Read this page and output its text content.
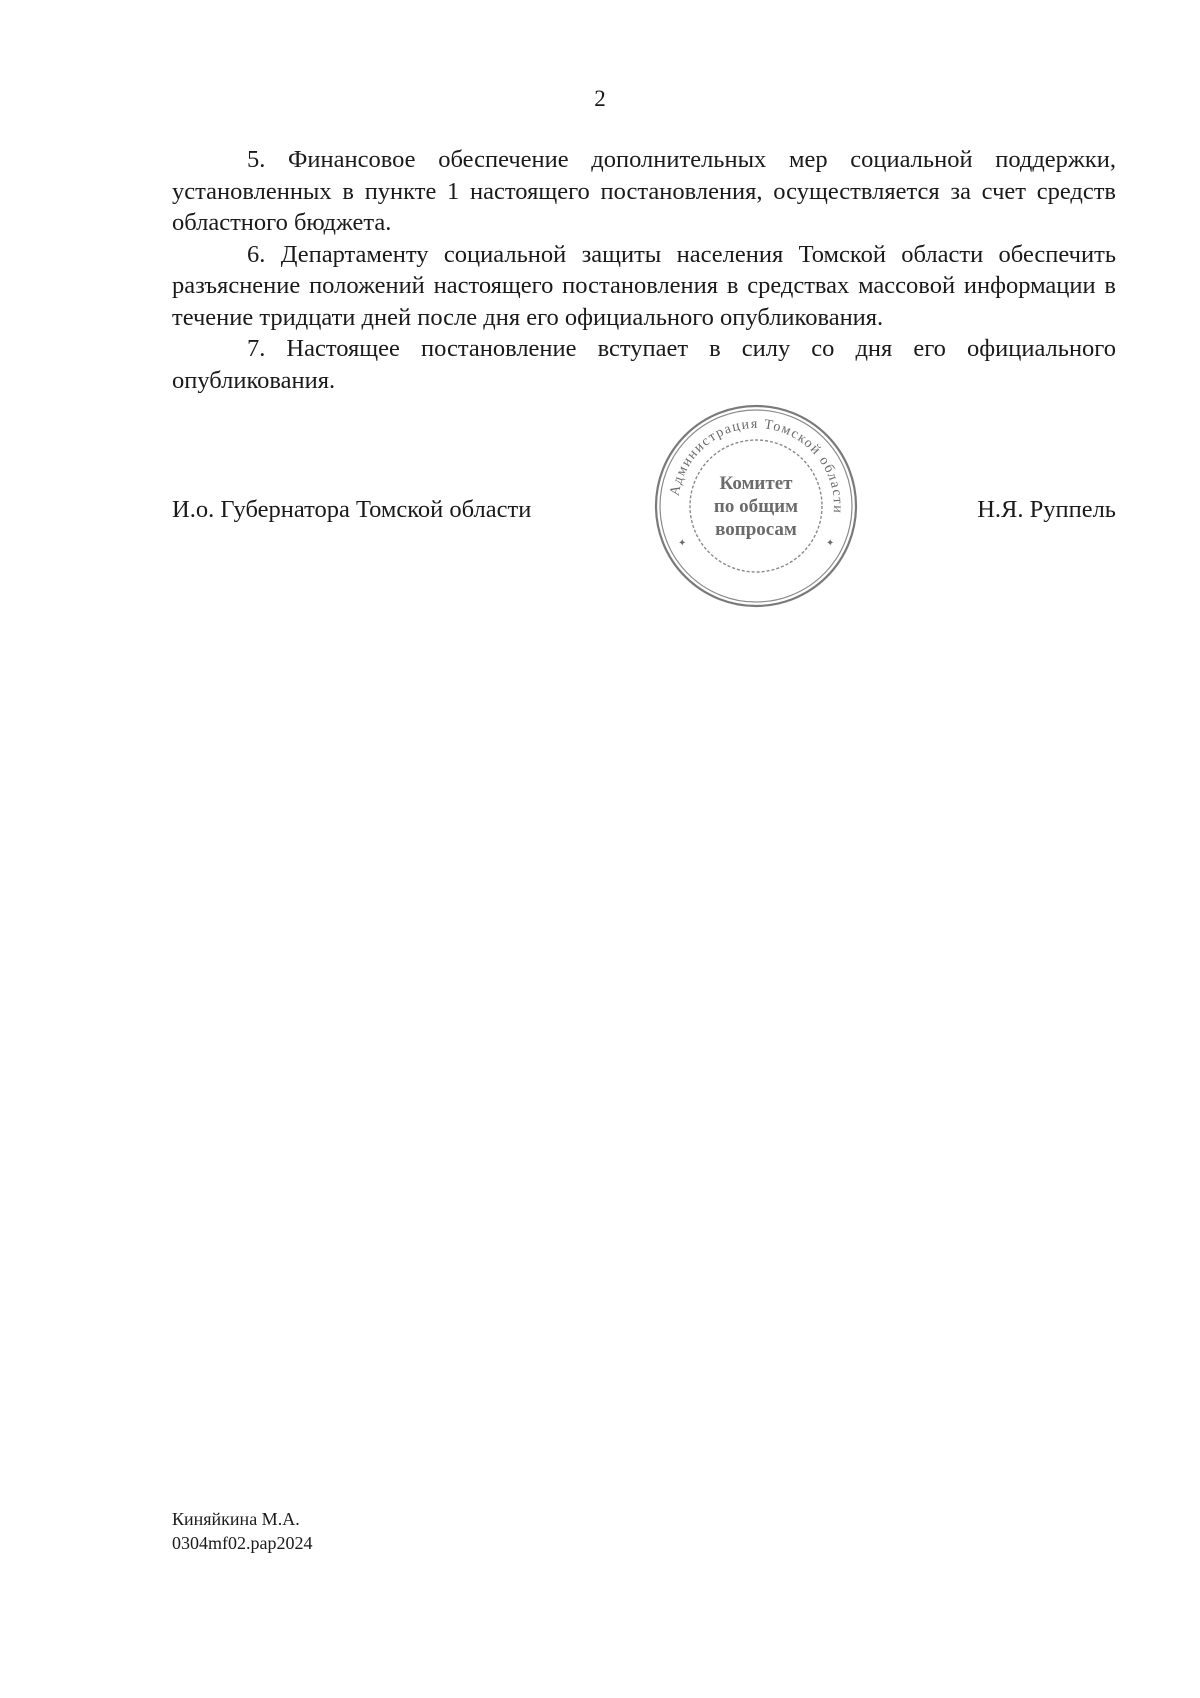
2

5. Финансовое обеспечение дополнительных мер социальной поддержки, установленных в пункте 1 настоящего постановления, осуществляется за счет средств областного бюджета.

6. Департаменту социальной защиты населения Томской области обеспечить разъяснение положений настоящего постановления в средствах массовой информации в течение тридцати дней после дня его официального опубликования.

7. Настоящее постановление вступает в силу со дня его официального опубликования.

И.о. Губернатора Томской области	Н.Я. Руппель
Администрация Томской области
Комитет
по общим
вопросам
✦	✦
Киняйкина М.А.
0304mf02.pap2024
